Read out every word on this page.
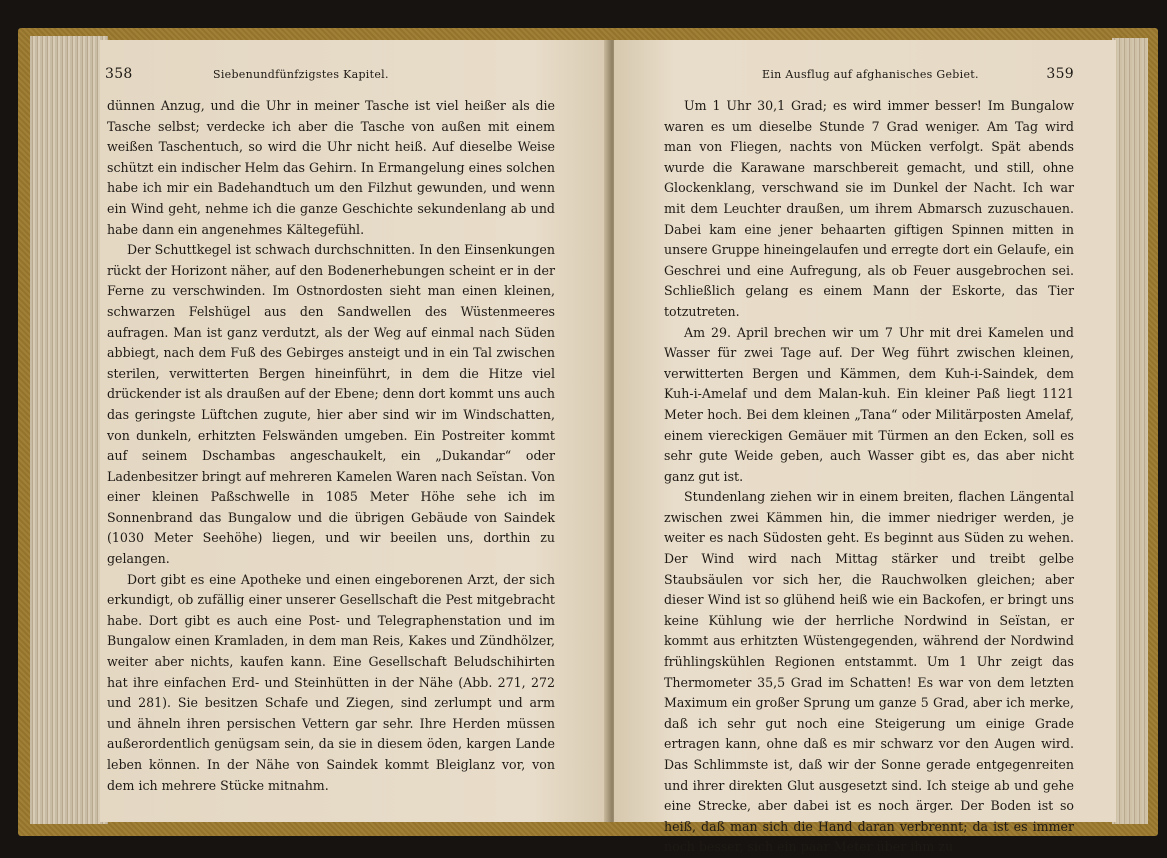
358	Siebenundfünfzigstes Kapitel.

dünnen Anzug, und die Uhr in meiner Tasche ist viel heißer als die Tasche selbst; verdecke ich aber die Tasche von außen mit einem weißen Taschentuch, so wird die Uhr nicht heiß. Auf dieselbe Weise schützt ein indischer Helm das Gehirn. In Ermangelung eines solchen habe ich mir ein Badehandtuch um den Filzhut gewunden, und wenn ein Wind geht, nehme ich die ganze Geschichte sekundenlang ab und habe dann ein angenehmes Kältegefühl.

Der Schuttkegel ist schwach durchschnitten. In den Einsenkungen rückt der Horizont näher, auf den Bodenerhebungen scheint er in der Ferne zu verschwinden. Im Ostnordosten sieht man einen kleinen, schwarzen Felshügel aus den Sandwellen des Wüstenmeeres aufragen. Man ist ganz verdutzt, als der Weg auf einmal nach Süden abbiegt, nach dem Fuß des Gebirges ansteigt und in ein Tal zwischen sterilen, verwitterten Bergen hineinführt, in dem die Hitze viel drückender ist als draußen auf der Ebene; denn dort kommt uns auch das geringste Lüftchen zugute, hier aber sind wir im Windschatten, von dunkeln, erhitzten Felswänden umgeben. Ein Postreiter kommt auf seinem Dschambas angeschaukelt, ein „Dukandar“ oder Ladenbesitzer bringt auf mehreren Kamelen Waren nach Seïstan. Von einer kleinen Paßschwelle in 1085 Meter Höhe sehe ich im Sonnenbrand das Bungalow und die übrigen Gebäude von Saindek (1030 Meter Seehöhe) liegen, und wir beeilen uns, dorthin zu gelangen.

Dort gibt es eine Apotheke und einen eingeborenen Arzt, der sich erkundigt, ob zufällig einer unserer Gesellschaft die Pest mitgebracht habe. Dort gibt es auch eine Post- und Telegraphenstation und im Bungalow einen Kramladen, in dem man Reis, Kakes und Zündhölzer, weiter aber nichts, kaufen kann. Eine Gesellschaft Beludschihirten hat ihre einfachen Erd- und Steinhütten in der Nähe (Abb. 271, 272 und 281). Sie besitzen Schafe und Ziegen, sind zerlumpt und arm und ähneln ihren persischen Vettern gar sehr. Ihre Herden müssen außerordentlich genügsam sein, da sie in diesem öden, kargen Lande leben können. In der Nähe von Saindek kommt Bleiglanz vor, von dem ich mehrere Stücke mitnahm.

Ein Ausflug auf afghanisches Gebiet.	359

Um 1 Uhr 30,1 Grad; es wird immer besser! Im Bungalow waren es um dieselbe Stunde 7 Grad weniger. Am Tag wird man von Fliegen, nachts von Mücken verfolgt. Spät abends wurde die Karawane marschbereit gemacht, und still, ohne Glockenklang, verschwand sie im Dunkel der Nacht. Ich war mit dem Leuchter draußen, um ihrem Abmarsch zuzuschauen. Dabei kam eine jener behaarten giftigen Spinnen mitten in unsere Gruppe hineingelaufen und erregte dort ein Gelaufe, ein Geschrei und eine Aufregung, als ob Feuer ausgebrochen sei. Schließlich gelang es einem Mann der Eskorte, das Tier totzutreten.

Am 29. April brechen wir um 7 Uhr mit drei Kamelen und Wasser für zwei Tage auf. Der Weg führt zwischen kleinen, verwitterten Bergen und Kämmen, dem Kuh-i-Saindek, dem Kuh-i-Amelaf und dem Malan-kuh. Ein kleiner Paß liegt 1121 Meter hoch. Bei dem kleinen „Tana“ oder Militärposten Amelaf, einem viereckigen Gemäuer mit Türmen an den Ecken, soll es sehr gute Weide geben, auch Wasser gibt es, das aber nicht ganz gut ist.

Stundenlang ziehen wir in einem breiten, flachen Längental zwischen zwei Kämmen hin, die immer niedriger werden, je weiter es nach Südosten geht. Es beginnt aus Süden zu wehen. Der Wind wird nach Mittag stärker und treibt gelbe Staubsäulen vor sich her, die Rauchwolken gleichen; aber dieser Wind ist so glühend heiß wie ein Backofen, er bringt uns keine Kühlung wie der herrliche Nordwind in Seïstan, er kommt aus erhitzten Wüstengegenden, während der Nordwind frühlingskühlen Regionen entstammt. Um 1 Uhr zeigt das Thermometer 35,5 Grad im Schatten! Es war von dem letzten Maximum ein großer Sprung um ganze 5 Grad, aber ich merke, daß ich sehr gut noch eine Steigerung um einige Grade ertragen kann, ohne daß es mir schwarz vor den Augen wird. Das Schlimmste ist, daß wir der Sonne gerade entgegenreiten und ihrer direkten Glut ausgesetzt sind. Ich steige ab und gehe eine Strecke, aber dabei ist es noch ärger. Der Boden ist so heiß, daß man sich die Hand daran verbrennt; da ist es immer noch besser, sich ein paar Meter über ihm zu
